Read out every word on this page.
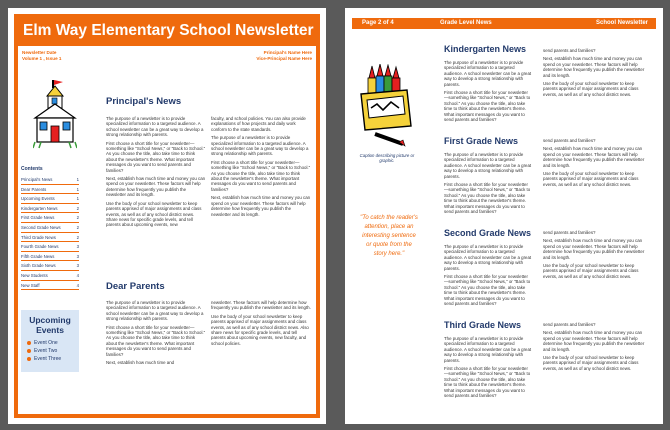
Elm Way Elementary School Newsletter
Newsletter Date
Volume 1 , Issue 1
Principal's Name Here
Vice-Principal Name Here
Contents
Principal's News	1
Dear Parents	1
Upcoming Events	1
Kindergarten News	2
First Grade News	2
Second Grade News	2
Third Grade News	2
Fourth Grade News	3
Fifth Grade News	3
Sixth Grade News	3
New Students	4
New Staff	4
Upcoming
Events
Event One
Event Two
Event Three
Principal's News

The purpose of a newsletter is to provide specialized information to a targeted audience. A school newsletter can be a great way to develop a strong relationship with parents.

First choose a short title for your newsletter—something like "School News," or "Back to School." As you choose the title, also take time to think about the newsletter's theme. What important messages do you want to send parents and families?

Next, establish how much time and money you can spend on your newsletter. These factors will help determine how frequently you publish the newsletter and its length.

Use the body of your school newsletter to keep parents apprised of major assignments and class events, as well as of any school district news. Share news for specific grade levels, and tell parents about upcoming events, new

faculty, and school policies. You can also provide explanations of how projects and daily work conform to the state standards.

The purpose of a newsletter is to provide specialized information to a targeted audience. A school newsletter can be a great way to develop a strong relationship with parents.

First choose a short title for your newsletter—something like "School News," or "Back to School." As you choose the title, also take time to think about the newsletter's theme. What important messages do you want to send parents and families?

Next, establish how much time and money you can spend on your newsletter. These factors will help determine how frequently you publish the newsletter and its length.

Dear Parents

The purpose of a newsletter is to provide specialized information to a targeted audience. A school newsletter can be a great way to develop a strong relationship with parents.

First choose a short title for your newsletter—something like "School News," or "Back to School." As you choose the title, also take time to think about the newsletter's theme. What important messages do you want to send parents and families?

Next, establish how much time and

newsletter. These factors will help determine how frequently you publish the newsletter and its length.

Use the body of your school newsletter to keep parents apprised of major assignments and class events, as well as of any school district news. Also share news for specific grade levels, and tell parents about upcoming events, new faculty, and school policies.

Page 2 of 4	Grade Level News	School Newsletter
Caption describing picture or graphic.
"To catch the reader's attention, place an interesting sentence or quote from the story here."
Kindergarten News

The purpose of a newsletter is to provide specialized information to a targeted audience. A school newsletter can be a great way to develop a strong relationship with parents.

First choose a short title for your newsletter—something like "School News," or "Back to School." As you choose the title, also take time to think about the newsletter's theme. What important messages do you want to send parents and families?

First Grade News

The purpose of a newsletter is to provide specialized information to a targeted audience. A school newsletter can be a great way to develop a strong relationship with parents.

First choose a short title for your newsletter—something like "School News," or "Back to School." As you choose the title, also take time to think about the newsletter's theme. What important messages do you want to send parents and families?

Second Grade News

The purpose of a newsletter is to provide specialized information to a targeted audience. A school newsletter can be a great way to develop a strong relationship with parents.

First choose a short title for your newsletter—something like "School News," or "Back to School." As you choose the title, also take time to think about the newsletter's theme. What important messages do you want to send parents and families?

Third Grade News

The purpose of a newsletter is to provide specialized information to a targeted audience. A school newsletter can be a great way to develop a strong relationship with parents.

First choose a short title for your newsletter—something like "School News," or "Back to School." As you choose the title, also take time to think about the newsletter's theme. What important messages do you want to send parents and families?

send parents and families?

Next, establish how much time and money you can spend on your newsletter. These factors will help determine how frequently you publish the newsletter and its length.

Use the body of your school newsletter to keep parents apprised of major assignments and class events, as well as of any school district news.

send parents and families?

Next, establish how much time and money you can spend on your newsletter. These factors will help determine how frequently you publish the newsletter and its length.

Use the body of your school newsletter to keep parents apprised of major assignments and class events, as well as of any school district news.

send parents and families?

Next, establish how much time and money you can spend on your newsletter. These factors will help determine how frequently you publish the newsletter and its length.

Use the body of your school newsletter to keep parents apprised of major assignments and class events, as well as of any school district news.

send parents and families?

Next, establish how much time and money you can spend on your newsletter. These factors will help determine how frequently you publish the newsletter and its length.

Use the body of your school newsletter to keep parents apprised of major assignments and class events, as well as of any school district news.
